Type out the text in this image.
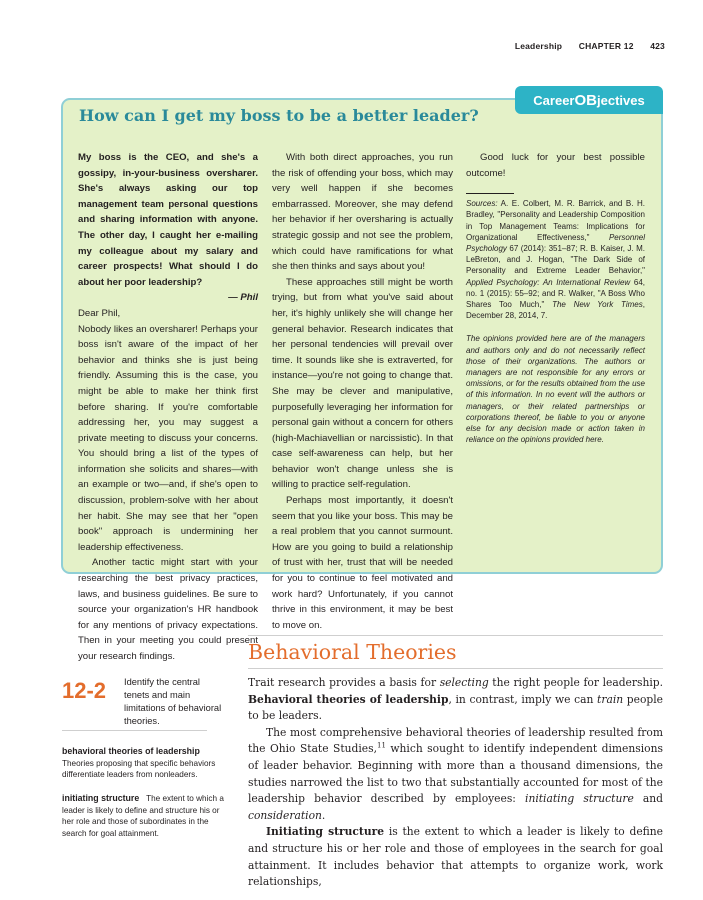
Leadership CHAPTER 12 423
Career OB jectives
How can I get my boss to be a better leader?

My boss is the CEO, and she's a gossipy, in-your-business oversharer. She's always asking our top management team personal questions and sharing information with anyone. The other day, I caught her e-mailing my colleague about my salary and career prospects! What should I do about her poor leadership?

— Phil

Dear Phil,

Nobody likes an oversharer! Perhaps your boss isn't aware of the impact of her behavior and thinks she is just being friendly. Assuming this is the case, you might be able to make her think first before sharing. If you're comfortable addressing her, you may suggest a private meeting to discuss your concerns. You should bring a list of the types of information she solicits and shares—with an example or two—and, if she's open to discussion, problem-solve with her about her habit. She may see that her "open book" approach is undermining her leadership effectiveness.

Another tactic might start with your researching the best privacy practices, laws, and business guidelines. Be sure to source your organization's HR handbook for any mentions of privacy expectations. Then in your meeting you could present your research findings.

With both direct approaches, you run the risk of offending your boss, which may very well happen if she becomes embarrassed. Moreover, she may defend her behavior if her oversharing is actually strategic gossip and not see the problem, which could have ramifications for what she then thinks and says about you!

These approaches still might be worth trying, but from what you've said about her, it's highly unlikely she will change her general behavior. Research indicates that her personal tendencies will prevail over time. It sounds like she is extraverted, for instance—you're not going to change that. She may be clever and manipulative, purposefully leveraging her information for personal gain without a concern for others (high-Machiavellian or narcissistic). In that case self-awareness can help, but her behavior won't change unless she is willing to practice self-regulation.

Perhaps most importantly, it doesn't seem that you like your boss. This may be a real problem that you cannot surmount. How are you going to build a relationship of trust with her, trust that will be needed for you to continue to feel motivated and work hard? Unfortunately, if you cannot thrive in this environment, it may be best to move on.

Good luck for your best possible outcome!

Sources: A. E. Colbert, M. R. Barrick, and B. H. Bradley, "Personality and Leadership Composition in Top Management Teams: Implications for Organizational Effectiveness," Personnel Psychology 67 (2014): 351–87; R. B. Kaiser, J. M. LeBreton, and J. Hogan, "The Dark Side of Personality and Extreme Leader Behavior," Applied Psychology: An International Review 64, no. 1 (2015): 55–92; and R. Walker, "A Boss Who Shares Too Much," The New York Times, December 28, 2014, 7.

The opinions provided here are of the managers and authors only and do not necessarily reflect those of their organizations. The authors or managers are not responsible for any errors or omissions, or for the results obtained from the use of this information. In no event will the authors or managers, or their related partnerships or corporations thereof, be liable to you or anyone else for any decision made or action taken in reliance on the opinions provided here.

Behavioral Theories
12-2 Identify the central tenets and main limitations of behavioral theories.
behavioral theories of leadership
Theories proposing that specific behaviors differentiate leaders from nonleaders.
initiating structure The extent to which a leader is likely to define and structure his or her role and those of subordinates in the search for goal attainment.

Trait research provides a basis for selecting the right people for leadership. Behavioral theories of leadership, in contrast, imply we can train people to be leaders.

The most comprehensive behavioral theories of leadership resulted from the Ohio State Studies,$^{11}$ which sought to identify independent dimensions of leader behavior. Beginning with more than a thousand dimensions, the studies narrowed the list to two that substantially accounted for most of the leadership behavior described by employees: initiating structure and consideration.

Initiating structure is the extent to which a leader is likely to define and structure his or her role and those of employees in the search for goal attainment. It includes behavior that attempts to organize work, work relationships,
